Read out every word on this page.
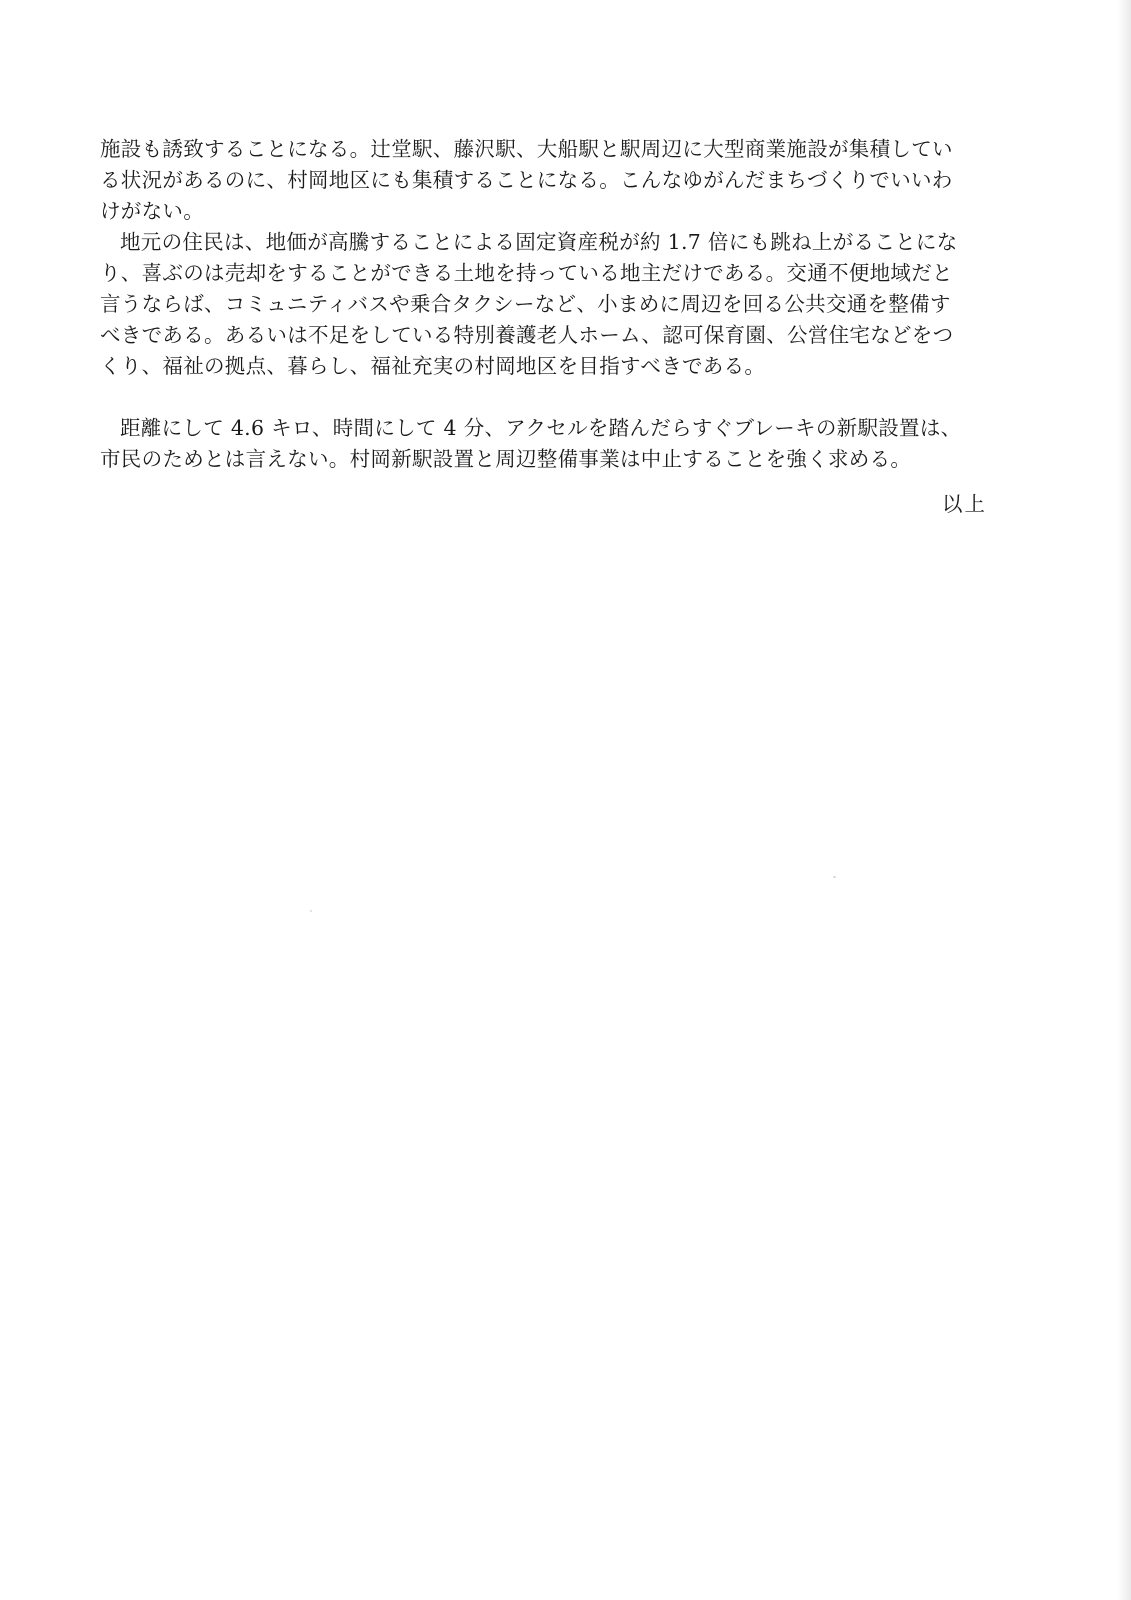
施設も誘致することになる。辻堂駅、藤沢駅、大船駅と駅周辺に大型商業施設が集積してい
る状況があるのに、村岡地区にも集積することになる。こんなゆがんだまちづくりでいいわ
けがない。
地元の住民は、地価が高騰することによる固定資産税が約 1.7 倍にも跳ね上がることにな
り、喜ぶのは売却をすることができる土地を持っている地主だけである。交通不便地域だと
言うならば、コミュニティバスや乗合タクシーなど、小まめに周辺を回る公共交通を整備す
べきである。あるいは不足をしている特別養護老人ホーム、認可保育園、公営住宅などをつ
くり、福祉の拠点、暮らし、福祉充実の村岡地区を目指すべきである。
距離にして 4.6 キロ、時間にして 4 分、アクセルを踏んだらすぐブレーキの新駅設置は、
市民のためとは言えない。村岡新駅設置と周辺整備事業は中止することを強く求める。
以上
